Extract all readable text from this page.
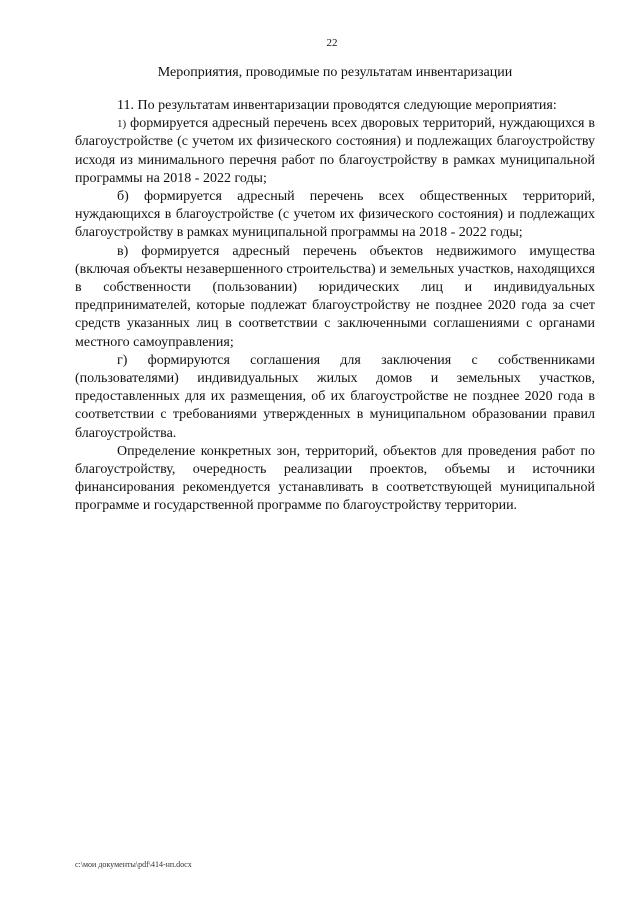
22
Мероприятия, проводимые по результатам инвентаризации

11. По результатам инвентаризации проводятся следующие мероприятия:

1) формируется адресный перечень всех дворовых территорий, нуждающихся в благоустройстве (с учетом их физического состояния) и подлежащих благоустройству исходя из минимального перечня работ по благоустройству в рамках муниципальной программы на 2018 - 2022 годы;

б) формируется адресный перечень всех общественных территорий, нуждающихся в благоустройстве (с учетом их физического состояния) и подлежащих благоустройству в рамках муниципальной программы на 2018 - 2022 годы;

в) формируется адресный перечень объектов недвижимого имущества (включая объекты незавершенного строительства) и земельных участков, находящихся в собственности (пользовании) юридических лиц и индивидуальных предпринимателей, которые подлежат благоустройству не позднее 2020 года за счет средств указанных лиц в соответствии с заключенными соглашениями с органами местного самоуправления;

г) формируются соглашения для заключения с собственниками (пользователями) индивидуальных жилых домов и земельных участков, предоставленных для их размещения, об их благоустройстве не позднее 2020 года в соответствии с требованиями утвержденных в муниципальном образовании правил благоустройства.

Определение конкретных зон, территорий, объектов для проведения работ по благоустройству, очередность реализации проектов, объемы и источники финансирования рекомендуется устанавливать в соответствующей муниципальной программе и государственной программе по благоустройству территории.

c:\мои документы\pdf\414-нп.docx
